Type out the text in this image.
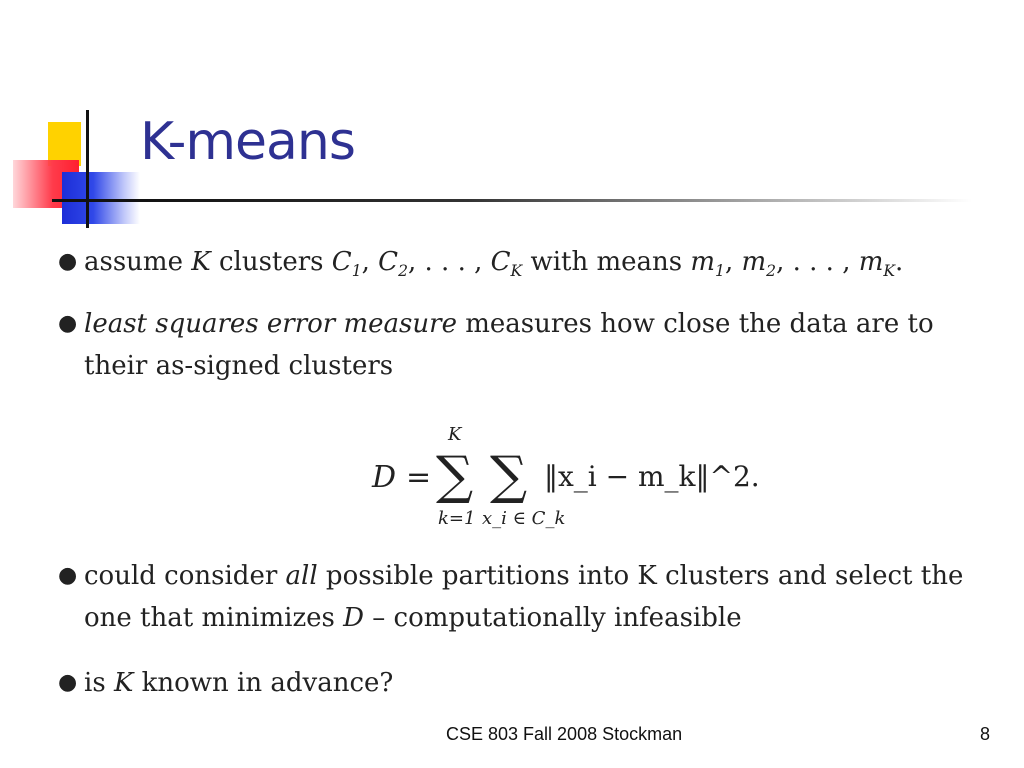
K-means
● assume K clusters $C_1$, $C_2$, . . . , $C_K$ with means $m_1$, $m_2$, . . . , $m_K$.
● least squares error measure measures how close the data are to their as-signed clusters
D =
K
∑
k=1
∑
x_i ∈ C_k
‖x_i − m_k‖^2.
● could consider all possible partitions into K clusters and select the one that minimizes D – computationally infeasible
● is K known in advance?
CSE 803 Fall 2008 Stockman	8
